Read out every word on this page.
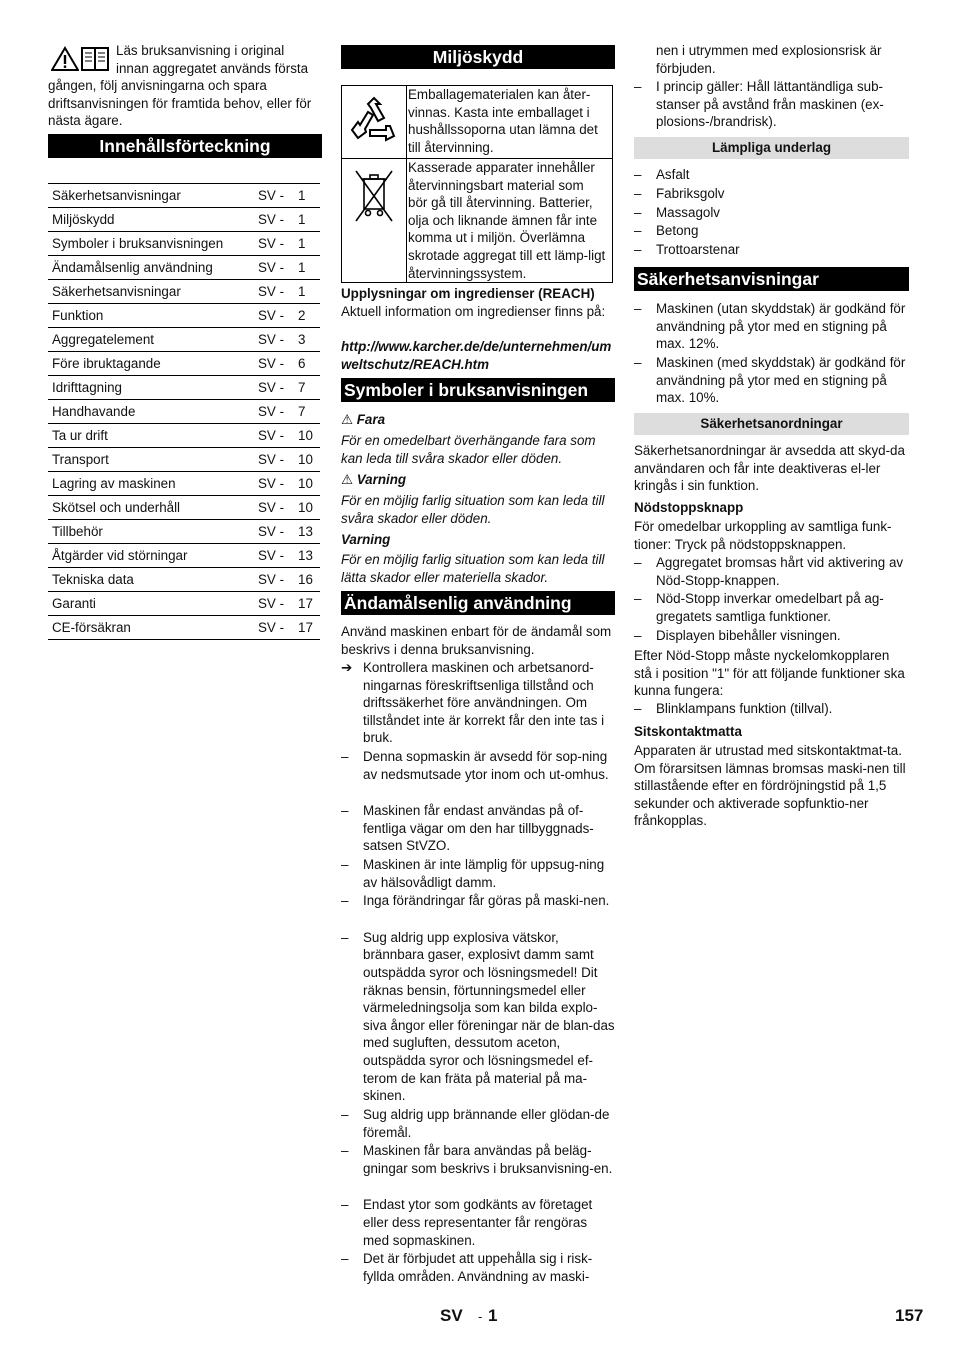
Läs bruksanvisning i original
innan aggregatet används första

gången, följ anvisningarna och spara driftsanvisningen för framtida behov, eller för nästa ägare.

Innehållsförteckning
Säkerhetsanvisningar	SV -	1
Miljöskydd	SV -	1
Symboler i bruksanvisningen	SV -	1
Ändamålsenlig användning	SV -	1
Säkerhetsanvisningar	SV -	1
Funktion	SV -	2
Aggregatelement	SV -	3
Före ibruktagande	SV -	6
Idrifttagning	SV -	7
Handhavande	SV -	7
Ta ur drift	SV -	10
Transport	SV -	10
Lagring av maskinen	SV -	10
Skötsel och underhåll	SV -	10
Tillbehör	SV -	13
Åtgärder vid störningar	SV -	13
Tekniska data	SV -	16
Garanti	SV -	17
CE-försäkran	SV -	17
Miljöskydd
	Emballagematerialen kan åter-vinnas. Kasta inte emballaget i hushållssoporna utan lämna det till återvinning.
	Kasserade apparater innehåller återvinningsbart material som bör gå till återvinning. Batterier, olja och liknande ämnen får inte komma ut i miljön. Överlämna skrotade aggregat till ett lämp-ligt återvinningssystem.
Upplysningar om ingredienser (REACH)

Aktuell information om ingredienser finns på:

http://www.karcher.de/de/unternehmen/umweltschutz/REACH.htm

Symboler i bruksanvisningen
⚠ Fara

För en omedelbart överhängande fara som kan leda till svåra skador eller döden.

⚠ Varning

För en möjlig farlig situation som kan leda till svåra skador eller döden.

Varning

För en möjlig farlig situation som kan leda till lätta skador eller materiella skador.

Ändamålsenlig användning

Använd maskinen enbart för de ändamål som beskrivs i denna bruksanvisning.

➔ Kontrollera maskinen och arbetsanord-ningarnas föreskriftsenliga tillstånd och driftssäkerhet före användningen. Om tillståndet inte är korrekt får den inte tas i bruk.
– Denna sopmaskin är avsedd för sop-ning av nedsmutsade ytor inom och ut-omhus.
– Maskinen får endast användas på of-fentliga vägar om den har tillbyggnads-satsen StVZO.
– Maskinen är inte lämplig för uppsug-ning av hälsovådligt damm.
– Inga förändringar får göras på maski-nen.
– Sug aldrig upp explosiva vätskor, brännbara gaser, explosivt damm samt outspädda syror och lösningsmedel! Dit räknas bensin, förtunningsmedel eller värmeledningsolja som kan bilda explo-siva ångor eller föreningar när de blan-das med sugluften, dessutom aceton, outspädda syror och lösningsmedel ef-terom de kan fräta på material på ma-skinen.
– Sug aldrig upp brännande eller glödan-de föremål.
– Maskinen får bara användas på beläg-gningar som beskrivs i bruksanvisning-en.
– Endast ytor som godkänts av företaget eller dess representanter får rengöras med sopmaskinen.
– Det är förbjudet att uppehålla sig i risk-fyllda områden. Användning av maski-

nen i utrymmen med explosionsrisk är förbjuden.

– I princip gäller: Håll lättantändliga sub-stanser på avstånd från maskinen (ex-plosions-/brandrisk).
Lämpliga underlag
– Asfalt
– Fabriksgolv
– Massagolv
– Betong
– Trottoarstenar
Säkerhetsanvisningar
– Maskinen (utan skyddstak) är godkänd för användning på ytor med en stigning på max. 12%.
– Maskinen (med skyddstak) är godkänd för användning på ytor med en stigning på max. 10%.
Säkerhetsanordningar

Säkerhetsanordningar är avsedda att skyd-da användaren och får inte deaktiveras el-ler kringås i sin funktion.

Nödstoppsknapp

För omedelbar urkoppling av samtliga funk-tioner: Tryck på nödstoppsknappen.

– Aggregatet bromsas hårt vid aktivering av Nöd-Stopp-knappen.
– Nöd-Stopp inverkar omedelbart på ag-gregatets samtliga funktioner.
– Displayen bibehåller visningen.

Efter Nöd-Stopp måste nyckelomkopplaren stå i position "1" för att följande funktioner ska kunna fungera:

– Blinklampans funktion (tillval).
Sitskontaktmatta

Apparaten är utrustad med sitskontaktmat-ta. Om förarsitsen lämnas bromsas maski-nen till stillastående efter en fördröjningstid på 1,5 sekunder och aktiverade sopfunktio-ner frånkopplas.

SV - 1	157
